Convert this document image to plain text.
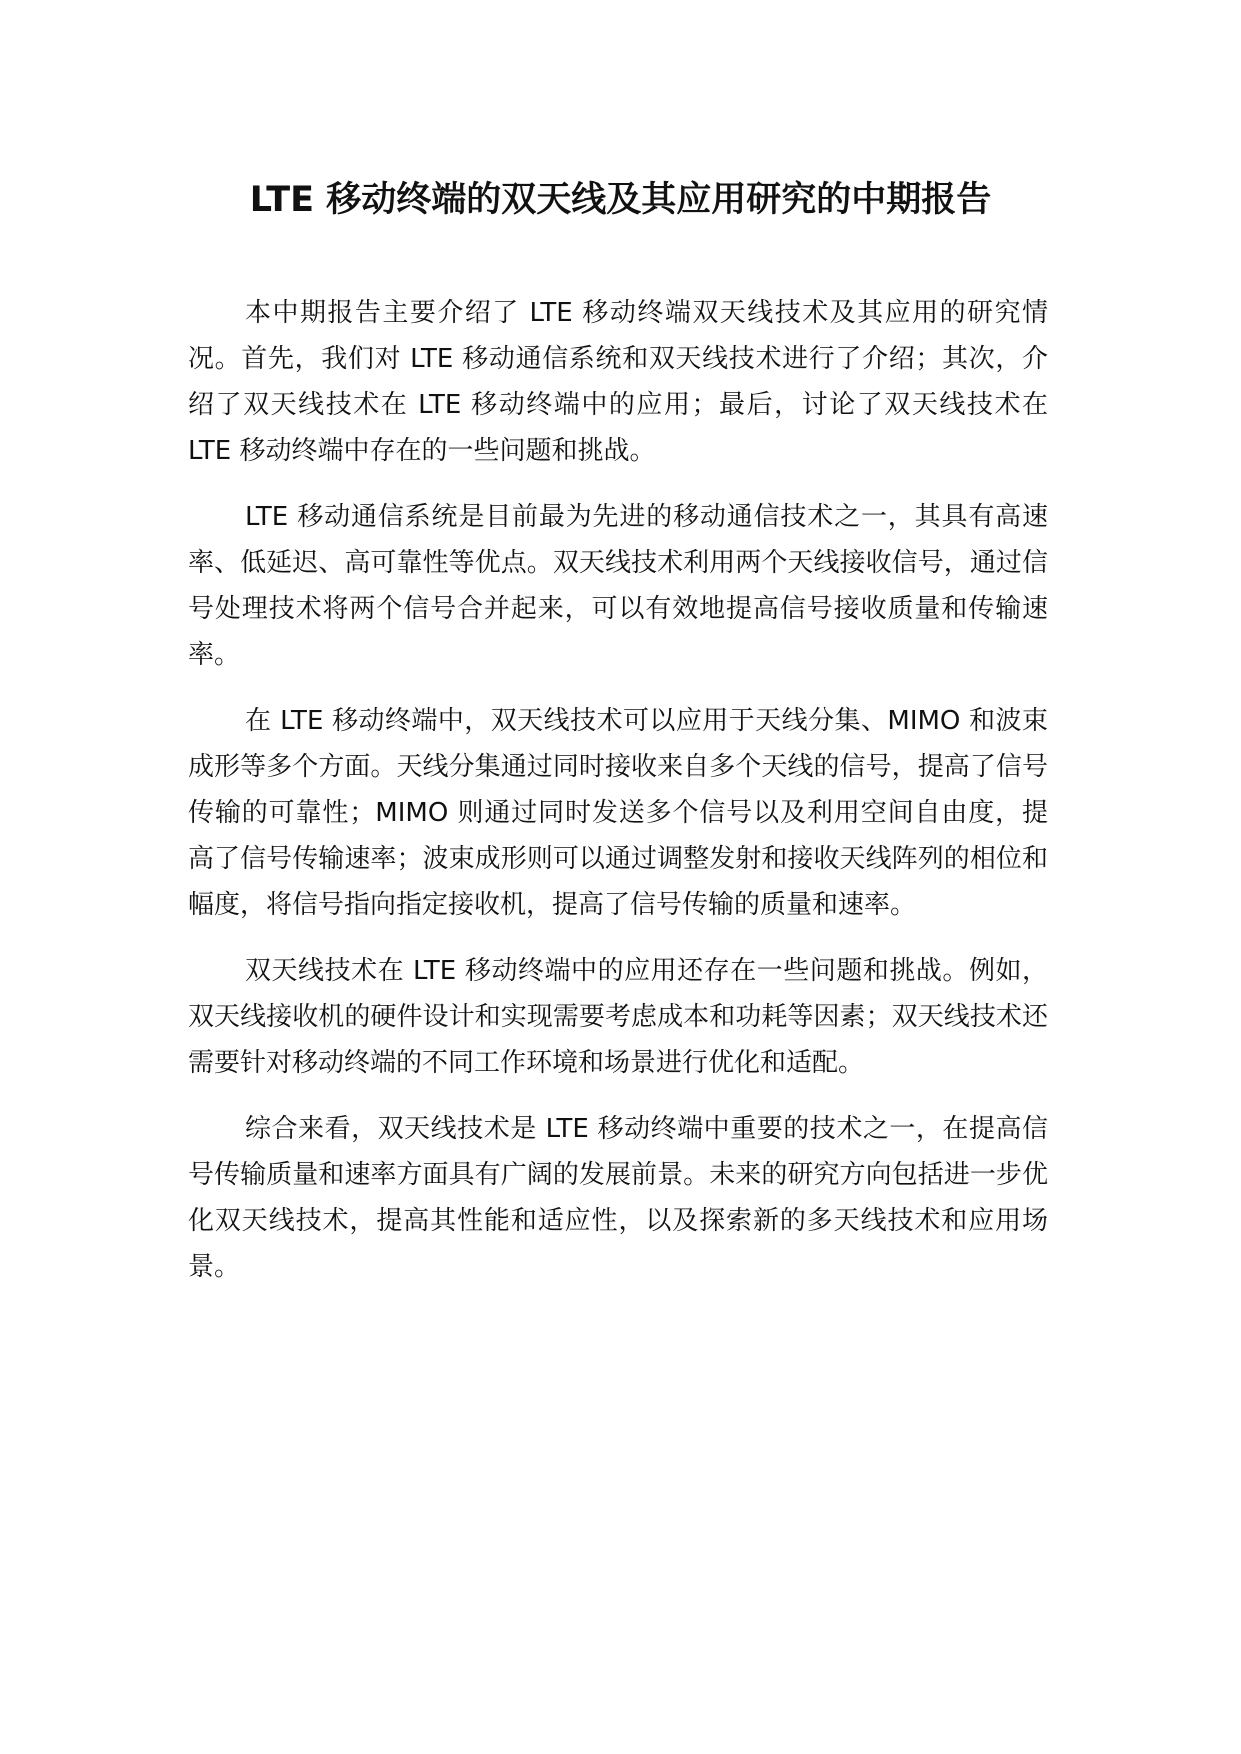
LTE 移动终端的双天线及其应用研究的中期报告

本中期报告主要介绍了 LTE 移动终端双天线技术及其应用的研究情况。首先，我们对 LTE 移动通信系统和双天线技术进行了介绍；其次，介绍了双天线技术在 LTE 移动终端中的应用；最后，讨论了双天线技术在 LTE 移动终端中存在的一些问题和挑战。

LTE 移动通信系统是目前最为先进的移动通信技术之一，其具有高速率、低延迟、高可靠性等优点。双天线技术利用两个天线接收信号，通过信号处理技术将两个信号合并起来，可以有效地提高信号接收质量和传输速率。

在 LTE 移动终端中，双天线技术可以应用于天线分集、MIMO 和波束成形等多个方面。天线分集通过同时接收来自多个天线的信号，提高了信号传输的可靠性；MIMO 则通过同时发送多个信号以及利用空间自由度，提高了信号传输速率；波束成形则可以通过调整发射和接收天线阵列的相位和幅度，将信号指向指定接收机，提高了信号传输的质量和速率。

双天线技术在 LTE 移动终端中的应用还存在一些问题和挑战。例如，双天线接收机的硬件设计和实现需要考虑成本和功耗等因素；双天线技术还需要针对移动终端的不同工作环境和场景进行优化和适配。

综合来看，双天线技术是 LTE 移动终端中重要的技术之一，在提高信号传输质量和速率方面具有广阔的发展前景。未来的研究方向包括进一步优化双天线技术，提高其性能和适应性，以及探索新的多天线技术和应用场景。
